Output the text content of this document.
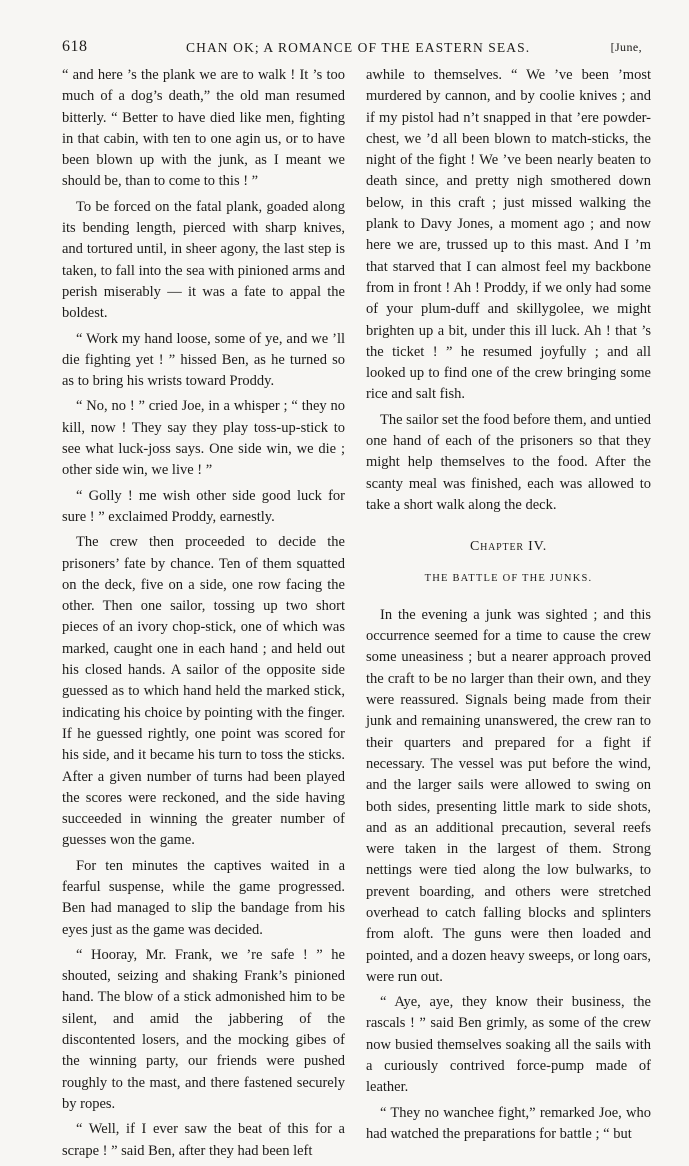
618	CHAN OK; A ROMANCE OF THE EASTERN SEAS.	[June,

“ and here ’s the plank we are to walk ! It ’s too much of a dog’s death,” the old man resumed bitterly. “ Better to have died like men, fighting in that cabin, with ten to one agin us, or to have been blown up with the junk, as I meant we should be, than to come to this ! ”

To be forced on the fatal plank, goaded along its bending length, pierced with sharp knives, and tortured until, in sheer agony, the last step is taken, to fall into the sea with pinioned arms and perish miserably — it was a fate to appal the boldest.

“ Work my hand loose, some of ye, and we ’ll die fighting yet ! ” hissed Ben, as he turned so as to bring his wrists toward Proddy.

“ No, no ! ” cried Joe, in a whisper ; “ they no kill, now ! They say they play toss-up-stick to see what luck-joss says. One side win, we die ; other side win, we live ! ”

“ Golly ! me wish other side good luck for sure ! ” exclaimed Proddy, earnestly.

The crew then proceeded to decide the prisoners’ fate by chance. Ten of them squatted on the deck, five on a side, one row facing the other. Then one sailor, tossing up two short pieces of an ivory chop-stick, one of which was marked, caught one in each hand ; and held out his closed hands. A sailor of the opposite side guessed as to which hand held the marked stick, indicating his choice by pointing with the finger. If he guessed rightly, one point was scored for his side, and it became his turn to toss the sticks. After a given number of turns had been played the scores were reckoned, and the side having succeeded in winning the greater number of guesses won the game.

For ten minutes the captives waited in a fearful suspense, while the game progressed. Ben had managed to slip the bandage from his eyes just as the game was decided.

“ Hooray, Mr. Frank, we ’re safe ! ” he shouted, seizing and shaking Frank’s pinioned hand. The blow of a stick admonished him to be silent, and amid the jabbering of the discontented losers, and the mocking gibes of the winning party, our friends were pushed roughly to the mast, and there fastened securely by ropes.

“ Well, if I ever saw the beat of this for a scrape ! ” said Ben, after they had been left

awhile to themselves. “ We ’ve been ’most murdered by cannon, and by coolie knives ; and if my pistol had n’t snapped in that ’ere powder-chest, we ’d all been blown to match-sticks, the night of the fight ! We ’ve been nearly beaten to death since, and pretty nigh smothered down below, in this craft ; just missed walking the plank to Davy Jones, a moment ago ; and now here we are, trussed up to this mast. And I ’m that starved that I can almost feel my backbone from in front ! Ah ! Proddy, if we only had some of your plum-duff and skillygolee, we might brighten up a bit, under this ill luck. Ah ! that ’s the ticket ! ” he resumed joyfully ; and all looked up to find one of the crew bringing some rice and salt fish.

The sailor set the food before them, and untied one hand of each of the prisoners so that they might help themselves to the food. After the scanty meal was finished, each was allowed to take a short walk along the deck.

Chapter IV.
THE BATTLE OF THE JUNKS.

In the evening a junk was sighted ; and this occurrence seemed for a time to cause the crew some uneasiness ; but a nearer approach proved the craft to be no larger than their own, and they were reassured. Signals being made from their junk and remaining unanswered, the crew ran to their quarters and prepared for a fight if necessary. The vessel was put before the wind, and the larger sails were allowed to swing on both sides, presenting little mark to side shots, and as an additional precaution, several reefs were taken in the largest of them. Strong nettings were tied along the low bulwarks, to prevent boarding, and others were stretched overhead to catch falling blocks and splinters from aloft. The guns were then loaded and pointed, and a dozen heavy sweeps, or long oars, were run out.

“ Aye, aye, they know their business, the rascals ! ” said Ben grimly, as some of the crew now busied themselves soaking all the sails with a curiously contrived force-pump made of leather.

“ They no wanchee fight,” remarked Joe, who had watched the preparations for battle ; “ but
